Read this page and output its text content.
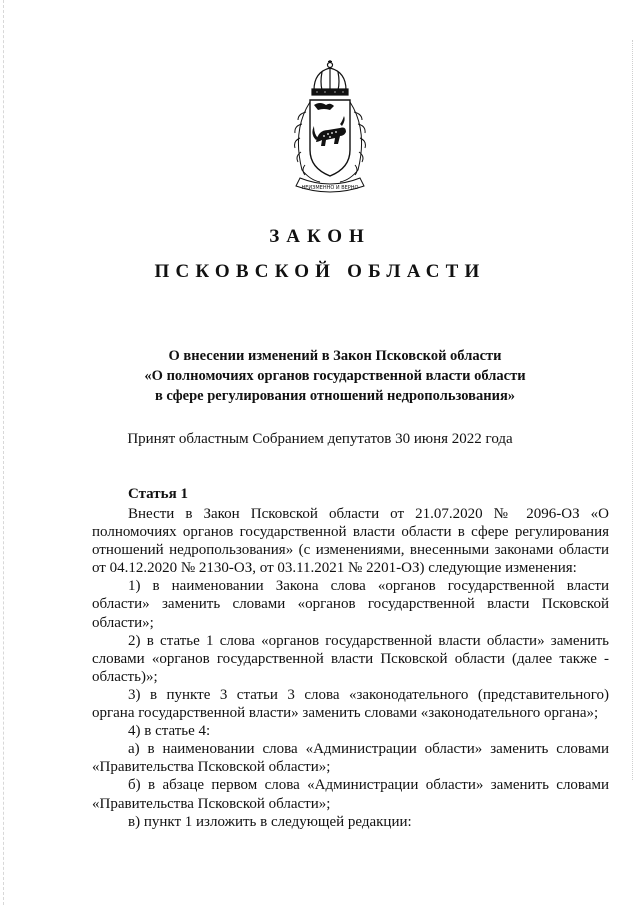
НЕИЗМЕННО И ВЕРНО
ЗАКОН
ПСКОВСКОЙ ОБЛАСТИ
О внесении изменений в Закон Псковской области
«О полномочиях органов государственной власти области
в сфере регулирования отношений недропользования»
Принят областным Собранием депутатов 30 июня 2022 года
Статья 1

Внести в Закон Псковской области от 21.07.2020 № 2096-ОЗ «О полномочиях органов государственной власти области в сфере регулирования отношений недропользования» (с изменениями, внесенными законами области от 04.12.2020 № 2130-ОЗ, от 03.11.2021 № 2201-ОЗ) следующие изменения:

1) в наименовании Закона слова «органов государственной власти области» заменить словами «органов государственной власти Псковской области»;

2) в статье 1 слова «органов государственной власти области» заменить словами «органов государственной власти Псковской области (далее также - область)»;

3) в пункте 3 статьи 3 слова «законодательного (представительного) органа государственной власти» заменить словами «законодательного органа»;

4) в статье 4:

а) в наименовании слова «Администрации области» заменить словами «Правительства Псковской области»;

б) в абзаце первом слова «Администрации области» заменить словами «Правительства Псковской области»;

в) пункт 1 изложить в следующей редакции:
